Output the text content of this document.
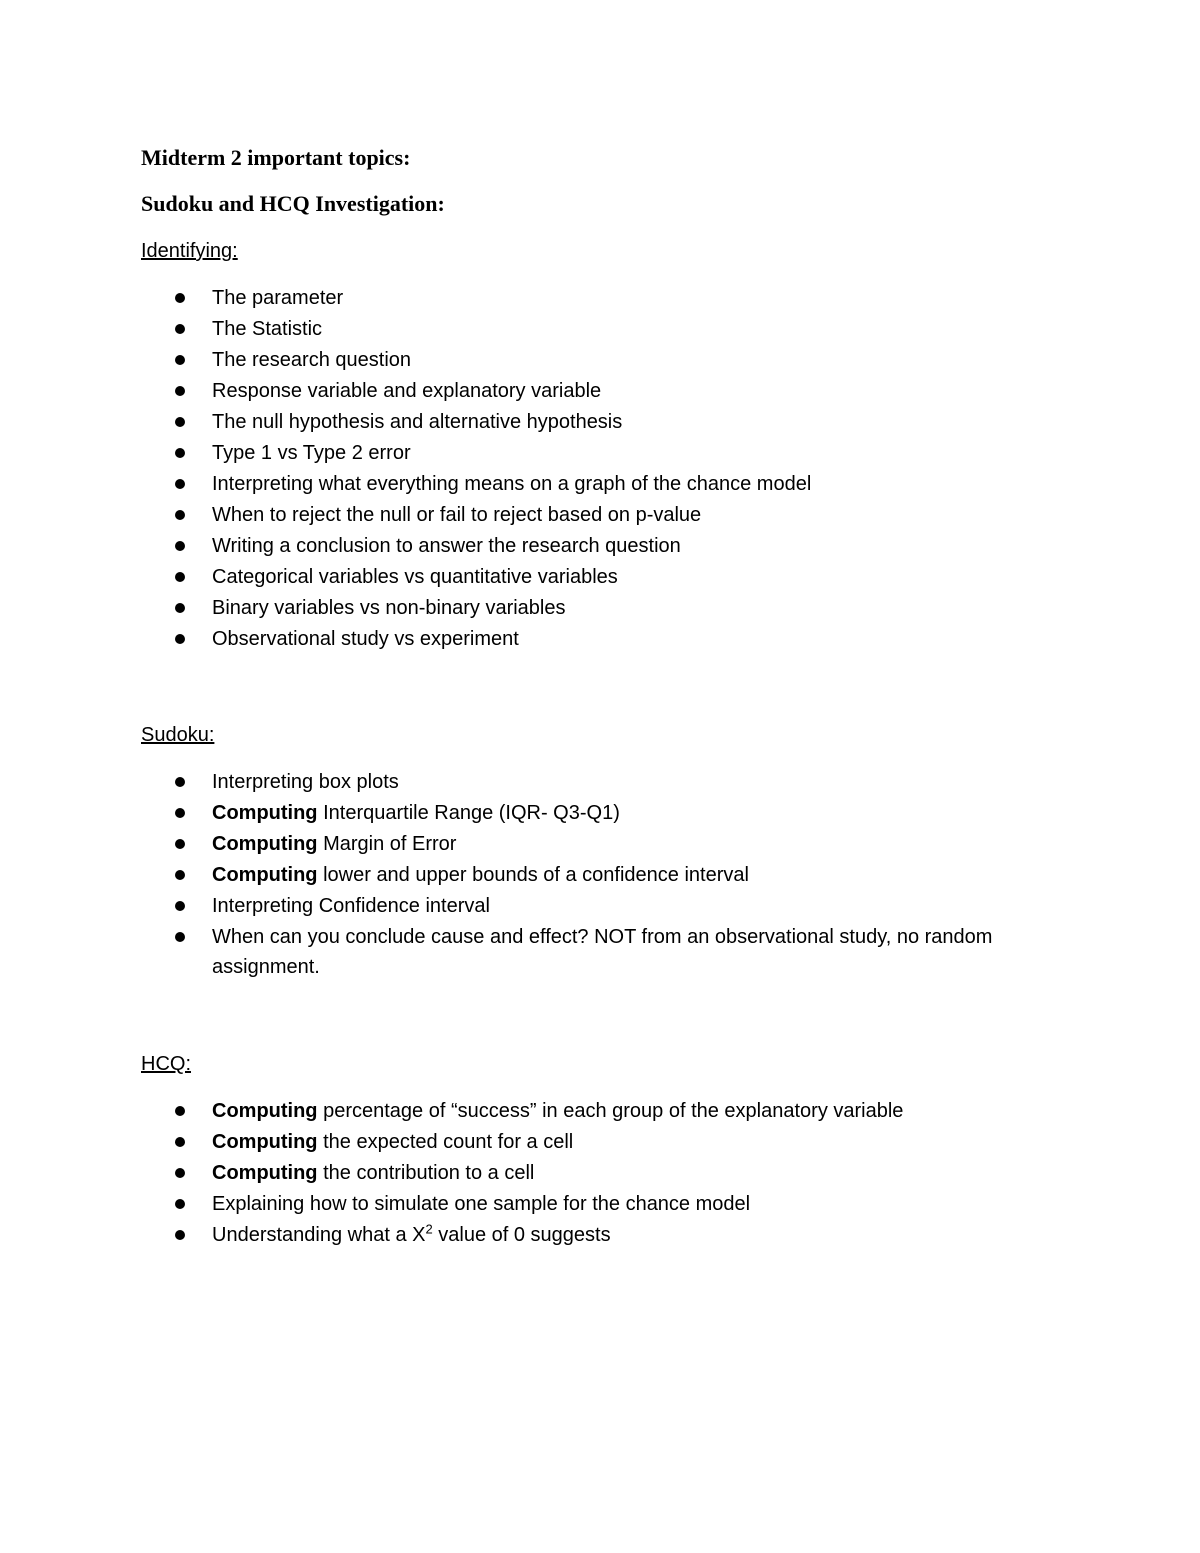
Midterm 2 important topics:
Sudoku and HCQ Investigation:

Identifying:

The parameter
The Statistic
The research question
Response variable and explanatory variable
The null hypothesis and alternative hypothesis
Type 1 vs Type 2 error
Interpreting what everything means on a graph of the chance model
When to reject the null or fail to reject based on p-value
Writing a conclusion to answer the research question
Categorical variables vs quantitative variables
Binary variables vs non-binary variables
Observational study vs experiment

Sudoku:

Interpreting box plots
Computing Interquartile Range (IQR- Q3-Q1)
Computing Margin of Error
Computing lower and upper bounds of a confidence interval
Interpreting Confidence interval
When can you conclude cause and effect? NOT from an observational study, no random assignment.

HCQ:

Computing percentage of “success” in each group of the explanatory variable
Computing the expected count for a cell
Computing the contribution to a cell
Explaining how to simulate one sample for the chance model
Understanding what a $X^2$ value of 0 suggests
